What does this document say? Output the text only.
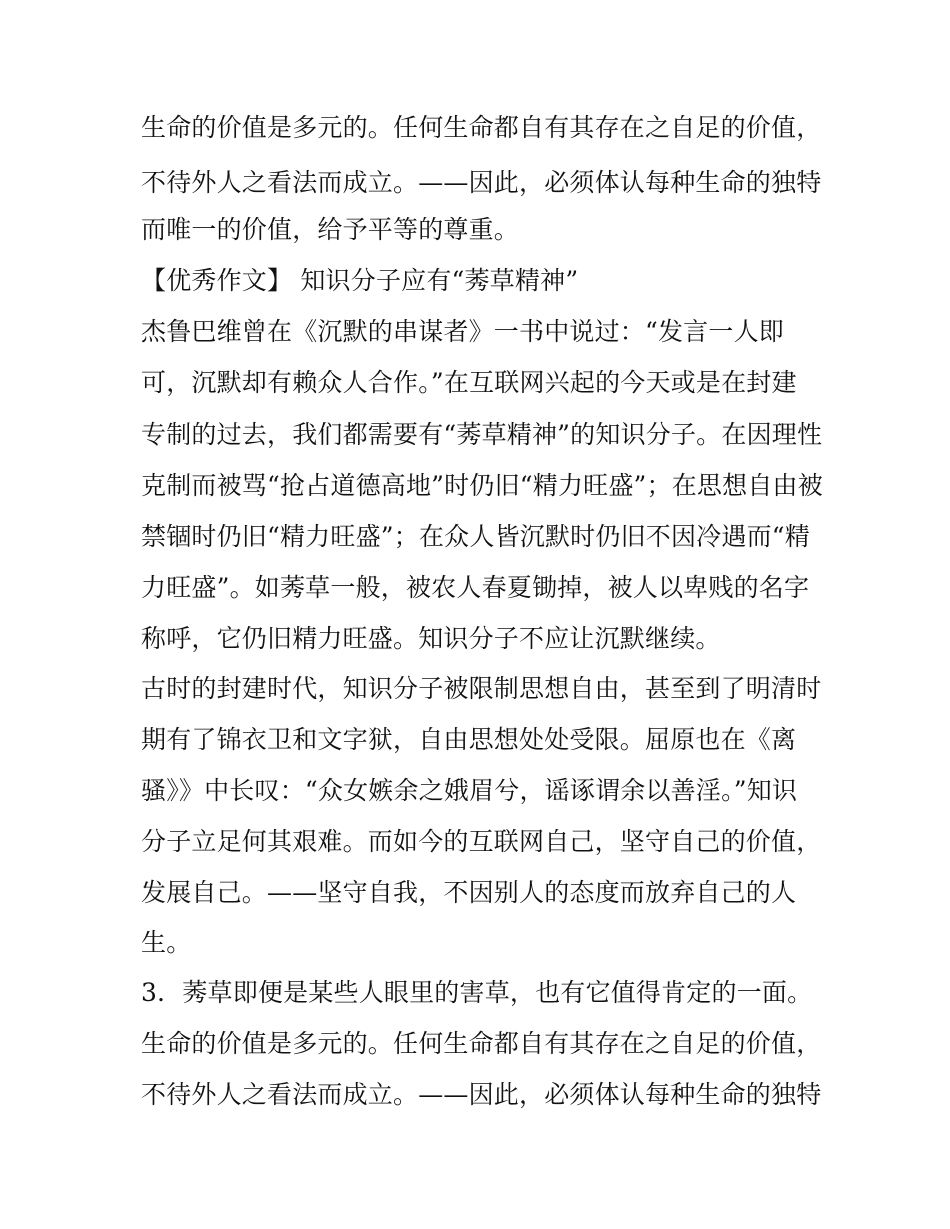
生命的价值是多元的。任何生命都自有其存在之自足的价值，
不待外人之看法而成立。——因此，必须体认每种生命的独特
而唯一的价值，给予平等的尊重。
【优秀作文】 知识分子应有“莠草精神”
杰鲁巴维曾在《沉默的串谋者》一书中说过：“发言一人即
可，沉默却有赖众人合作。”在互联网兴起的今天或是在封建
专制的过去，我们都需要有“莠草精神”的知识分子。在因理性
克制而被骂“抢占道德高地”时仍旧“精力旺盛”；在思想自由被
禁锢时仍旧“精力旺盛”；在众人皆沉默时仍旧不因冷遇而“精
力旺盛”。如莠草一般，被农人春夏锄掉，被人以卑贱的名字
称呼，它仍旧精力旺盛。知识分子不应让沉默继续。
古时的封建时代，知识分子被限制思想自由，甚至到了明清时
期有了锦衣卫和文字狱，自由思想处处受限。屈原也在《离
骚》》中长叹：“众女嫉余之娥眉兮，谣诼谓余以善淫。”知识
分子立足何其艰难。而如今的互联网自己，坚守自己的价值，
发展自己。——坚守自我，不因别人的态度而放弃自己的人
生。
3．莠草即便是某些人眼里的害草，也有它值得肯定的一面。
生命的价值是多元的。任何生命都自有其存在之自足的价值，
不待外人之看法而成立。——因此，必须体认每种生命的独特
